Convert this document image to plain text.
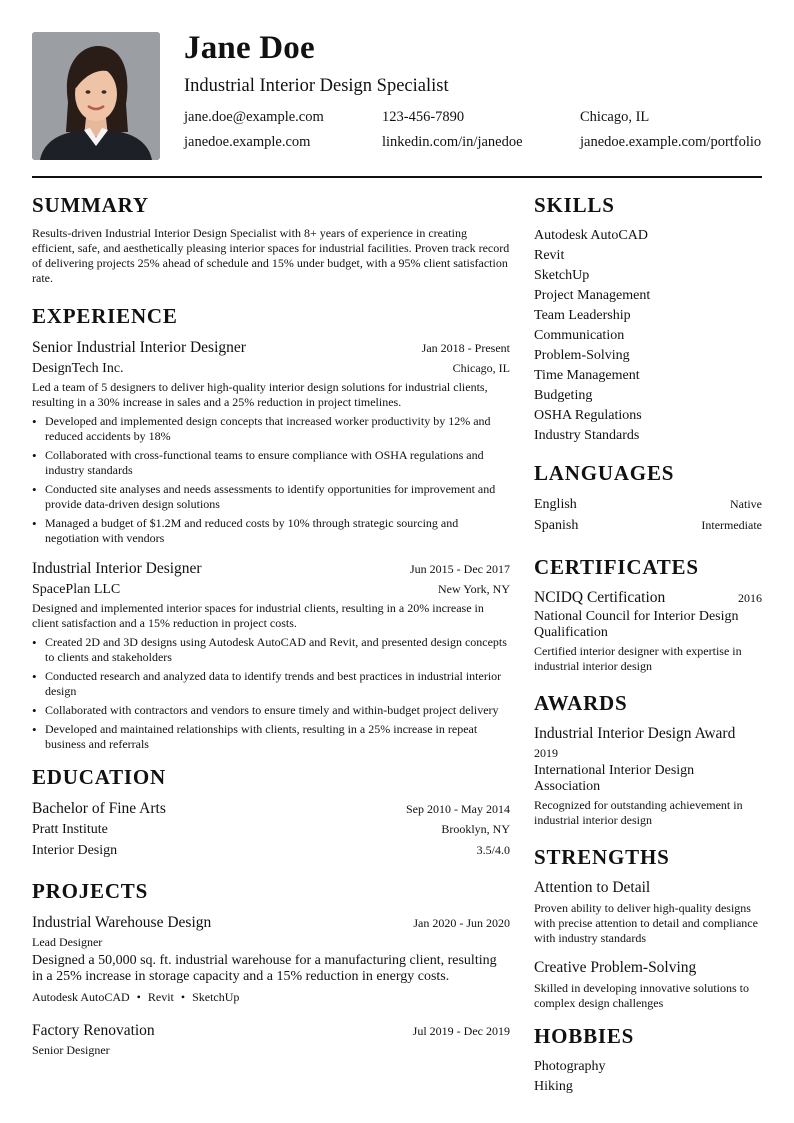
Jane Doe
Industrial Interior Design Specialist
jane.doe@example.com	123-456-7890	Chicago, IL
janedoe.example.com	linkedin.com/in/janedoe	janedoe.example.com/portfolio
SUMMARY
Results-driven Industrial Interior Design Specialist with 8+ years of experience in creating efficient, safe, and aesthetically pleasing interior spaces for industrial facilities. Proven track record of delivering projects 25% ahead of schedule and 15% under budget, with a 95% client satisfaction rate.
EXPERIENCE
Senior Industrial Interior Designer	Jan 2018 - Present
DesignTech Inc.	Chicago, IL
Led a team of 5 designers to deliver high-quality interior design solutions for industrial clients, resulting in a 30% increase in sales and a 25% reduction in project timelines.
• Developed and implemented design concepts that increased worker productivity by 12% and reduced accidents by 18%
• Collaborated with cross-functional teams to ensure compliance with OSHA regulations and industry standards
• Conducted site analyses and needs assessments to identify opportunities for improvement and provide data-driven design solutions
• Managed a budget of $1.2M and reduced costs by 10% through strategic sourcing and negotiation with vendors
Industrial Interior Designer	Jun 2015 - Dec 2017
SpacePlan LLC	New York, NY
Designed and implemented interior spaces for industrial clients, resulting in a 20% increase in client satisfaction and a 15% reduction in project costs.
• Created 2D and 3D designs using Autodesk AutoCAD and Revit, and presented design concepts to clients and stakeholders
• Conducted research and analyzed data to identify trends and best practices in industrial interior design
• Collaborated with contractors and vendors to ensure timely and within-budget project delivery
• Developed and maintained relationships with clients, resulting in a 25% increase in repeat business and referrals
EDUCATION
Bachelor of Fine Arts	Sep 2010 - May 2014
Pratt Institute	Brooklyn, NY
Interior Design	3.5/4.0
PROJECTS
Industrial Warehouse Design	Jan 2020 - Jun 2020
Lead Designer
Designed a 50,000 sq. ft. industrial warehouse for a manufacturing client, resulting in a 25% increase in storage capacity and a 15% reduction in energy costs.
Autodesk AutoCAD • Revit • SketchUp
Factory Renovation	Jul 2019 - Dec 2019
Senior Designer
SKILLS
Autodesk AutoCAD
Revit
SketchUp
Project Management
Team Leadership
Communication
Problem-Solving
Time Management
Budgeting
OSHA Regulations
Industry Standards
LANGUAGES
English	Native
Spanish	Intermediate
CERTIFICATES
NCIDQ Certification	2016
National Council for Interior Design Qualification
Certified interior designer with expertise in industrial interior design
AWARDS
Industrial Interior Design Award
2019
International Interior Design Association
Recognized for outstanding achievement in industrial interior design
STRENGTHS
Attention to Detail
Proven ability to deliver high-quality designs with precise attention to detail and compliance with industry standards
Creative Problem-Solving
Skilled in developing innovative solutions to complex design challenges
HOBBIES
Photography
Hiking
